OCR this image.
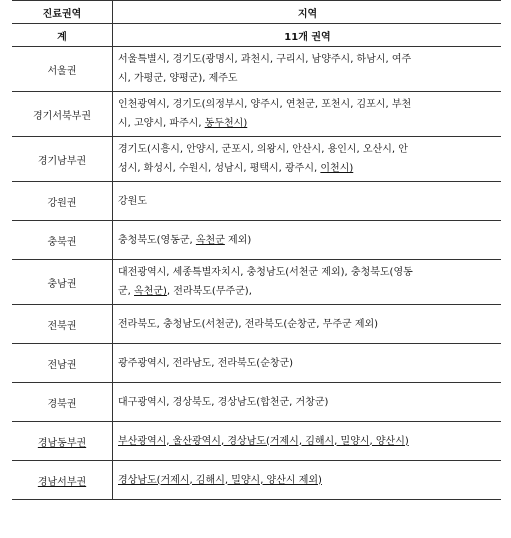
진료권역	지역
계	11개 권역
서울권	서울특별시, 경기도(광명시, 과천시, 구리시, 남양주시, 하남시, 여주
시, 가평군, 양평군), 제주도
경기서북부권	인천광역시, 경기도(의정부시, 양주시, 연천군, 포천시, 김포시, 부천
시, 고양시, 파주시, 동두천시)
경기남부권	경기도(시흥시, 안양시, 군포시, 의왕시, 안산시, 용인시, 오산시, 안
성시, 화성시, 수원시, 성남시, 평택시, 광주시, 이천시)
강원권	강원도
충북권	충청북도(영동군, 옥천군 제외)
충남권	대전광역시, 세종특별자치시, 충청남도(서천군 제외), 충청북도(영동
군, 옥천군), 전라북도(무주군),
전북권	전라북도, 충청남도(서천군), 전라북도(순창군, 무주군 제외)
전남권	광주광역시, 전라남도, 전라북도(순창군)
경북권	대구광역시, 경상북도, 경상남도(합천군, 거창군)
경남동부권	부산광역시, 울산광역시, 경상남도(거제시, 김해시, 밀양시, 양산시)
경남서부권	경상남도(거제시, 김해시, 밀양시, 양산시 제외)
